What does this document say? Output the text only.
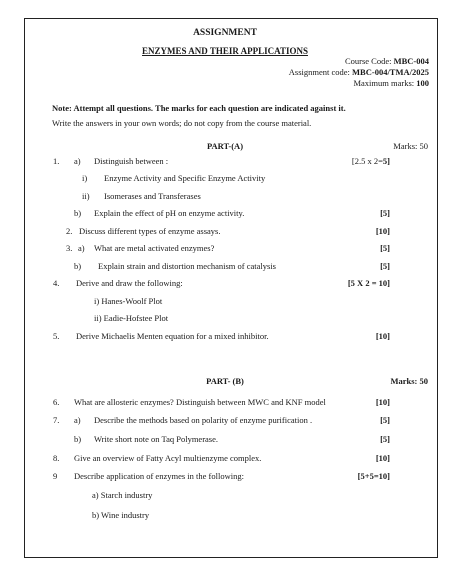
ASSIGNMENT
ENZYMES AND THEIR APPLICATIONS
Course Code: MBC-004
Assignment code: MBC-004/TMA/2025
Maximum marks: 100
Note: Attempt all questions. The marks for each question are indicated against it.
Write the answers in your own words; do not copy from the course material.
PART-(A)	Marks: 50
1. a) Distinguish between :	[2.5 x 2=5]
i) Enzyme Activity and Specific Enzyme Activity
ii) Isomerases and Transferases
b) Explain the effect of pH on enzyme activity.	[5]
2. Discuss different types of enzyme assays.	[10]
3. a) What are metal activated enzymes?	[5]
b) Explain strain and distortion mechanism of catalysis	[5]
4. Derive and draw the following:	[5 X 2 = 10]
i) Hanes-Woolf Plot
ii) Eadie-Hofstee Plot
5. Derive Michaelis Menten equation for a mixed inhibitor.	[10]
PART- (B)	Marks: 50
6. What are allosteric enzymes? Distinguish between MWC and KNF model	[10]
7. a) Describe the methods based on polarity of enzyme purification .	[5]
b) Write short note on Taq Polymerase.	[5]
8. Give an overview of Fatty Acyl multienzyme complex.	[10]
9 Describe application of enzymes in the following:	[5+5=10]
a) Starch industry
b) Wine industry
